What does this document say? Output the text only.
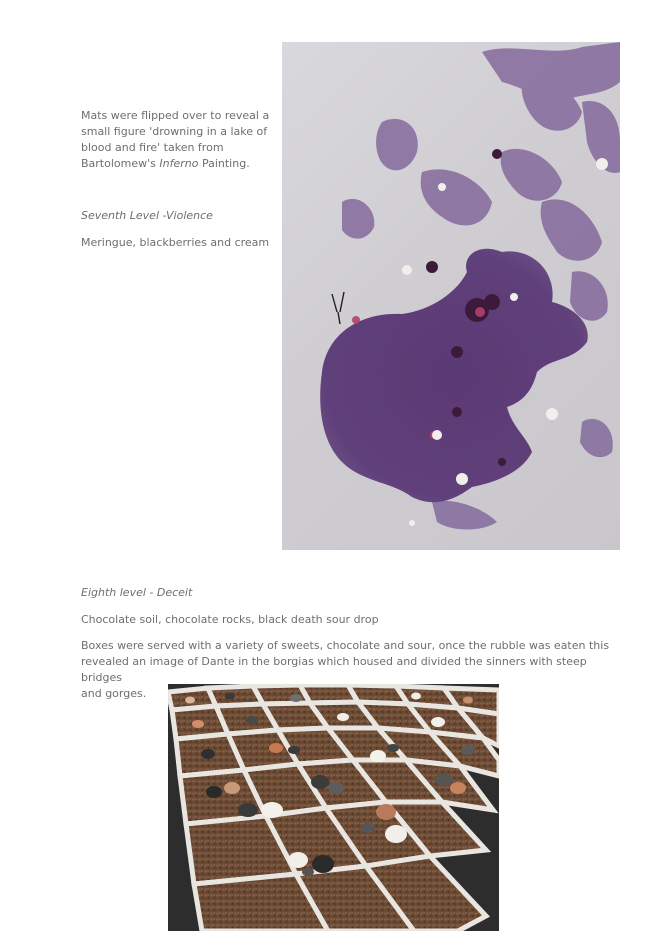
Mats were flipped over to reveal a
small figure 'drowning in a lake of
blood and fire' taken from
Bartolomew's Inferno Painting.

Seventh Level -Violence

Meringue, blackberries and cream

Eighth level - Deceit

Chocolate soil, chocolate rocks, black death sour drop

Boxes were served with a variety of sweets, chocolate and sour, once the rubble was eaten this
revealed an image of Dante in the borgias which housed and divided the sinners with steep bridges
and gorges.
